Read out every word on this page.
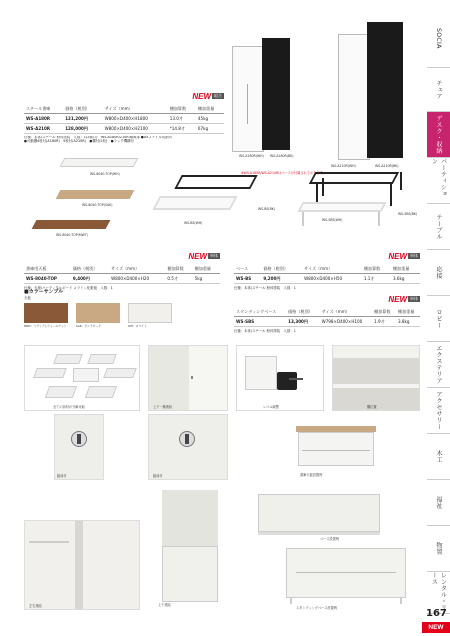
WS-A180R(WH) WS-A180R(BK)
WS-A210R(WH)	WS-A210R(BK)
※WS-A180R/WS-A210Rはベースが付属されております。
NEW 組合
スチール書庫	価格（税別）	サイズ（mm）	棚加算数	棚加重量
WS-A180R	121,200円	W800×D400×H1800	13.0才	45kg
WS-A210R	128,000円	W800×D400×H2100	*14.8才	67kg
仕様：本体/スチール 粉体塗装　入数：1(2個口)　WS-A180R/210R:剛間扉 ●A4ファイル収納可
●可動棚4枚付(A180R)　5枚付(A210R)　●棚付(2枚)　●ラック機構付
WS-8040-TOP(WH)
WS-8040-TOP(SAK)
WS-8040-TOP(MWT)
WS-BS(WH)
WS-BS(BK)
WS-SBS(BK)
WS-SBS(WH)
NEW 単体
書庫用天板	価格（税別）	サイズ（mm）	棚加算数	棚加重量
WS-8040-TOP	9,400円	W800×D400×H20	0.5才	5kg
仕様：天板/パーティクルボード メラミン化粧板　入数：1
NEW 単体
ベース	価格（税別）	サイズ（mm）	棚加算数	棚加重量
WS-BS	9,200円	W800×D400×H50	1.1才	3.6kg
仕様：本体/スチール 粉体塗装　入数：1
NEW 単体
スタンディングベース	価格（税別）	サイズ（mm）	棚加算数	棚加重量
WS-SBS	13,300円	W798×D400×H100	1.9才	3.8kg
仕様：本体/スチール 粉体塗装　入数：1
■カラーサンプル
天板
MWT：ミディアムウォールナット	SAK：サンドオーク	WH：ホワイト
全ての部材が分解可能	上下一棟連結	レベル調整	棚位置
錠前付	錠前付	書庫天板設置例
ベース設置例
左右連結	上下連結
スタンディングベース設置例
SOCIA
チェア
デスク・収納
パーティション
テーブル
応接
ロビー
エクステリア
アクセサリー
木工
福祉
物置
レンタル・リース
167
NEW
